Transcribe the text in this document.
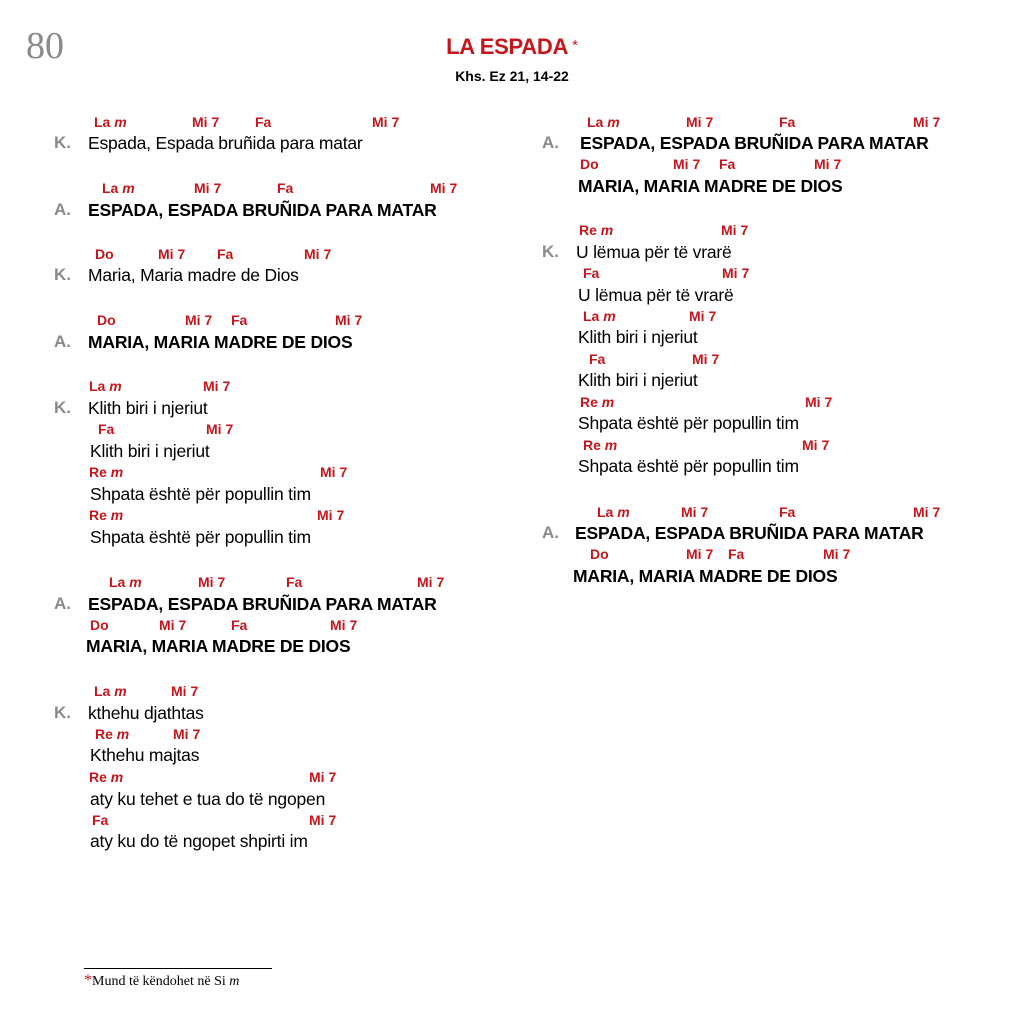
80	LA ESPADA *
Khs. Ez 21, 14-22
La m	Mi 7	Fa	Mi 7
K. Espada, Espada bruñida para matar
La m	Mi 7	Fa	Mi 7
A. ESPADA, ESPADA BRUÑIDA PARA MATAR
Do	Mi 7 Fa	Mi 7
K. Maria, Maria madre de Dios
Do	Mi 7 Fa	Mi 7
A. MARIA, MARIA MADRE DE DIOS
La m	Mi 7
K. Klith biri i njeriut
Fa	Mi 7
Klith biri i njeriut
Re m	Mi 7
Shpata është për popullin tim
Re m	Mi 7
Shpata është për popullin tim
La m	Mi 7	Fa	Mi 7
A. ESPADA, ESPADA BRUÑIDA PARA MATAR
Do	Mi 7	Fa	Mi 7
MARIA, MARIA MADRE DE DIOS
La m	Mi 7
K. kthehu djathtas
Re m	Mi 7
Kthehu majtas
Re m	Mi 7
aty ku tehet e tua do të ngopen
Fa	Mi 7
aty ku do të ngopet shpirti im
La m	Mi 7	Fa	Mi 7
A. ESPADA, ESPADA BRUÑIDA PARA MATAR
Do	Mi 7 Fa	Mi 7
MARIA, MARIA MADRE DE DIOS
Re m	Mi 7
K. U lëmua për të vrarë
Fa	Mi 7
U lëmua për të vrarë
La m	Mi 7
Klith biri i njeriut
Fa	Mi 7
Klith biri i njeriut
Re m	Mi 7
Shpata është për popullin tim
Re m	Mi 7
Shpata është për popullin tim
La m	Mi 7	Fa	Mi 7
A. ESPADA, ESPADA BRUÑIDA PARA MATAR
Do	Mi 7 Fa	Mi 7
MARIA, MARIA MADRE DE DIOS
*Mund të këndohet në Si m
